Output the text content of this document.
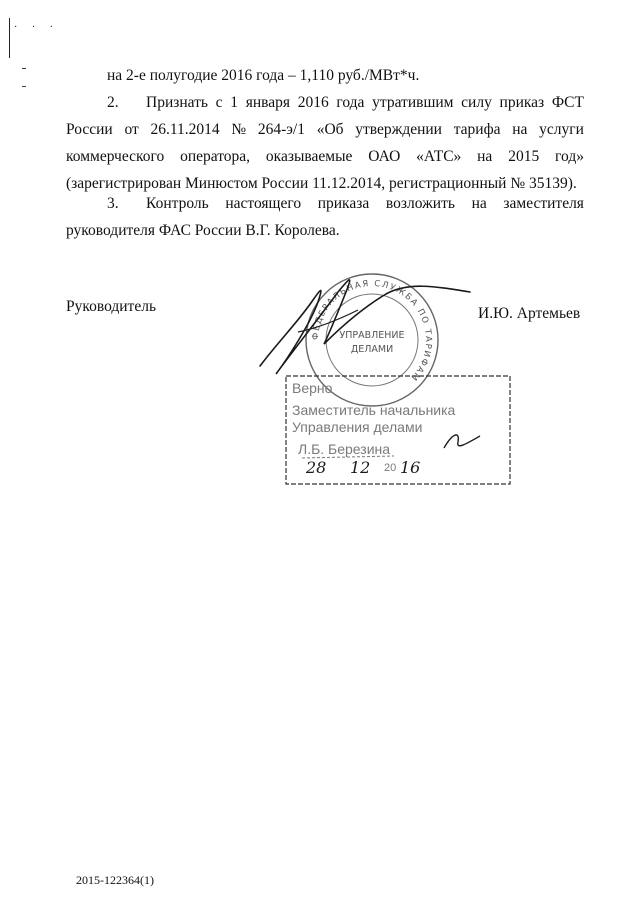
· · ·
на 2-е полугодие 2016 года – 1,110 руб./МВт*ч.
2. Признать с 1 января 2016 года утратившим силу приказ ФСТ
России от 26.11.2014 № 264-э/1 «Об утверждении тарифа на услуги
коммерческого оператора, оказываемые ОАО «АТС» на 2015 год»
(зарегистрирован Минюстом России 11.12.2014, регистрационный № 35139).
3. Контроль настоящего приказа возложить на заместителя
руководителя ФАС России В.Г. Королева.
Руководитель	И.Ю. Артемьев
ФЕДЕРАЛЬНАЯ СЛУЖБА ПО ТАРИФАМ
УПРАВЛЕНИЕ
ДЕЛАМИ
Верно
Заместитель начальника
Управления делами
Л.Б. Березина
28 12 20 16
2015-122364(1)
